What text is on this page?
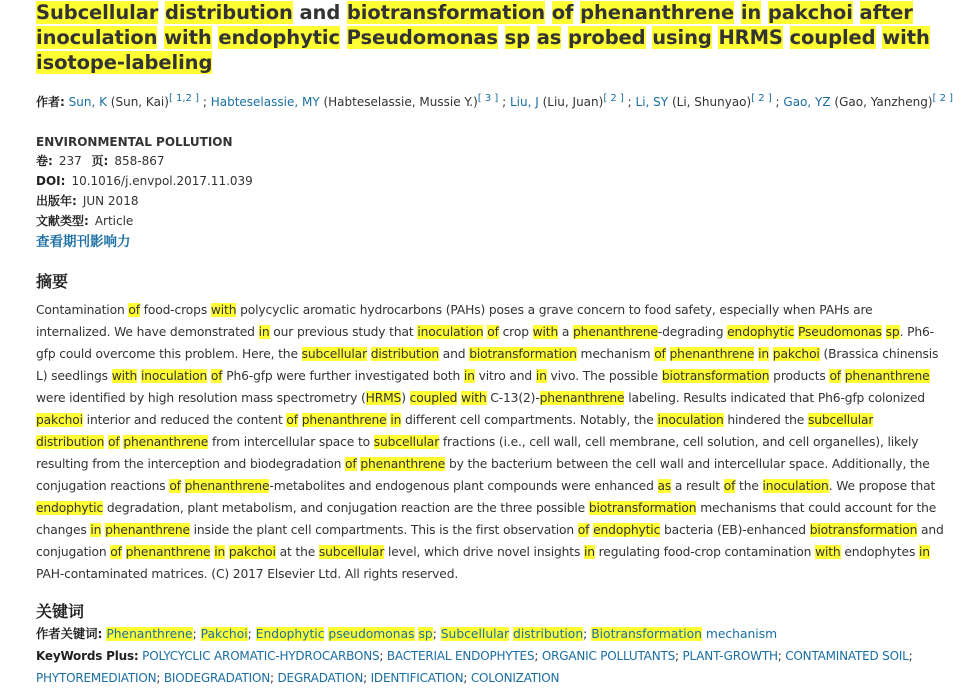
Subcellular distribution and biotransformation of phenanthrene in pakchoi after inoculation with endophytic Pseudomonas sp as probed using HRMS coupled with isotope-labeling
作者: Sun, K (Sun, Kai)[ 1,2 ] ; Habteselassie, MY (Habteselassie, Mussie Y.)[ 3 ] ; Liu, J (Liu, Juan)[ 2 ] ; Li, SY (Li, Shunyao)[ 2 ] ; Gao, YZ (Gao, Yanzheng)[ 2 ]
ENVIRONMENTAL POLLUTION
卷: 237 页: 858-867
DOI: 10.1016/j.envpol.2017.11.039
出版年: JUN 2018
文献类型: Article
查看期刊影响力
摘要
Contamination of food-crops with polycyclic aromatic hydrocarbons (PAHs) poses a grave concern to food safety, especially when PAHs are internalized. We have demonstrated in our previous study that inoculation of crop with a phenanthrene-degrading endophytic Pseudomonas sp. Ph6-gfp could overcome this problem. Here, the subcellular distribution and biotransformation mechanism of phenanthrene in pakchoi (Brassica chinensis L) seedlings with inoculation of Ph6-gfp were further investigated both in vitro and in vivo. The possible biotransformation products of phenanthrene were identified by high resolution mass spectrometry (HRMS) coupled with C-13(2)-phenanthrene labeling. Results indicated that Ph6-gfp colonized pakchoi interior and reduced the content of phenanthrene in different cell compartments. Notably, the inoculation hindered the subcellular distribution of phenanthrene from intercellular space to subcellular fractions (i.e., cell wall, cell membrane, cell solution, and cell organelles), likely resulting from the interception and biodegradation of phenanthrene by the bacterium between the cell wall and intercellular space. Additionally, the conjugation reactions of phenanthrene-metabolites and endogenous plant compounds were enhanced as a result of the inoculation. We propose that endophytic degradation, plant metabolism, and conjugation reaction are the three possible biotransformation mechanisms that could account for the changes in phenanthrene inside the plant cell compartments. This is the first observation of endophytic bacteria (EB)-enhanced biotransformation and conjugation of phenanthrene in pakchoi at the subcellular level, which drive novel insights in regulating food-crop contamination with endophytes in PAH-contaminated matrices. (C) 2017 Elsevier Ltd. All rights reserved.
关键词
作者关键词: Phenanthrene; Pakchoi; Endophytic pseudomonas sp; Subcellular distribution; Biotransformation mechanism
KeyWords Plus: POLYCYCLIC AROMATIC-HYDROCARBONS; BACTERIAL ENDOPHYTES; ORGANIC POLLUTANTS; PLANT-GROWTH; CONTAMINATED SOIL; PHYTOREMEDIATION; BIODEGRADATION; DEGRADATION; IDENTIFICATION; COLONIZATION
